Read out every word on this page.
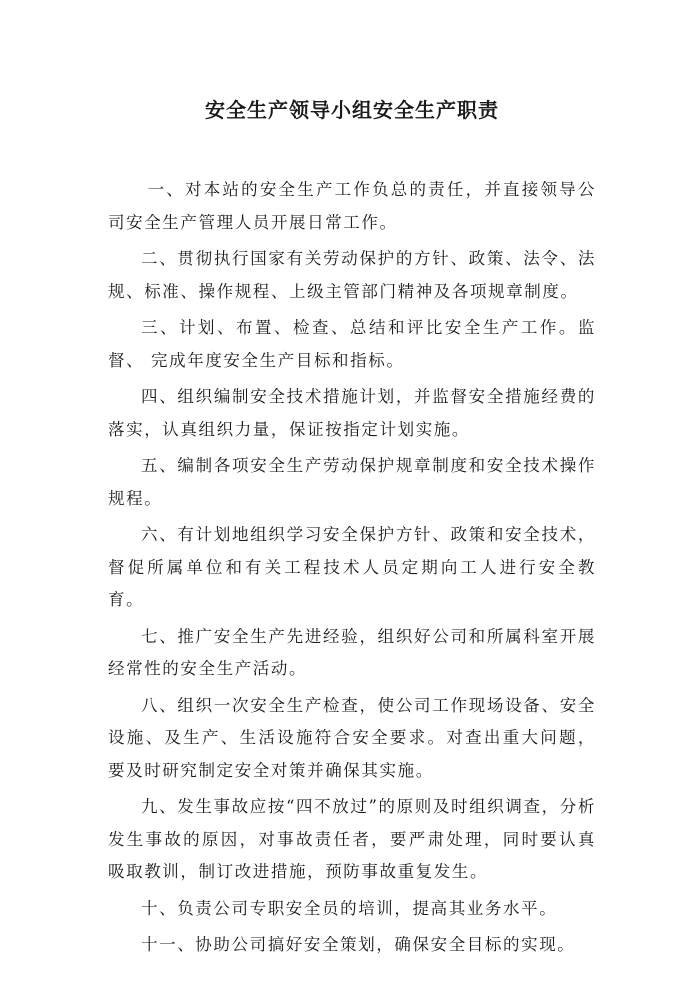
安全生产领导小组安全生产职责

一、对本站的安全生产工作负总的责任，并直接领导公司安全生产管理人员开展日常工作。

二、贯彻执行国家有关劳动保护的方针、政策、法令、法规、标准、操作规程、上级主管部门精神及各项规章制度。

三、计划、布置、检查、总结和评比安全生产工作。监督、 完成年度安全生产目标和指标。

四、组织编制安全技术措施计划，并监督安全措施经费的落实，认真组织力量，保证按指定计划实施。

五、编制各项安全生产劳动保护规章制度和安全技术操作规程。

六、有计划地组织学习安全保护方针、政策和安全技术，督促所属单位和有关工程技术人员定期向工人进行安全教育。

七、推广安全生产先进经验，组织好公司和所属科室开展经常性的安全生产活动。

八、组织一次安全生产检查，使公司工作现场设备、安全设施、及生产、生活设施符合安全要求。对查出重大问题，要及时研究制定安全对策并确保其实施。

九、发生事故应按“四不放过”的原则及时组织调查，分析发生事故的原因，对事故责任者，要严肃处理，同时要认真吸取教训，制订改进措施，预防事故重复发生。

十、负责公司专职安全员的培训，提高其业务水平。

十一、协助公司搞好安全策划，确保安全目标的实现。
